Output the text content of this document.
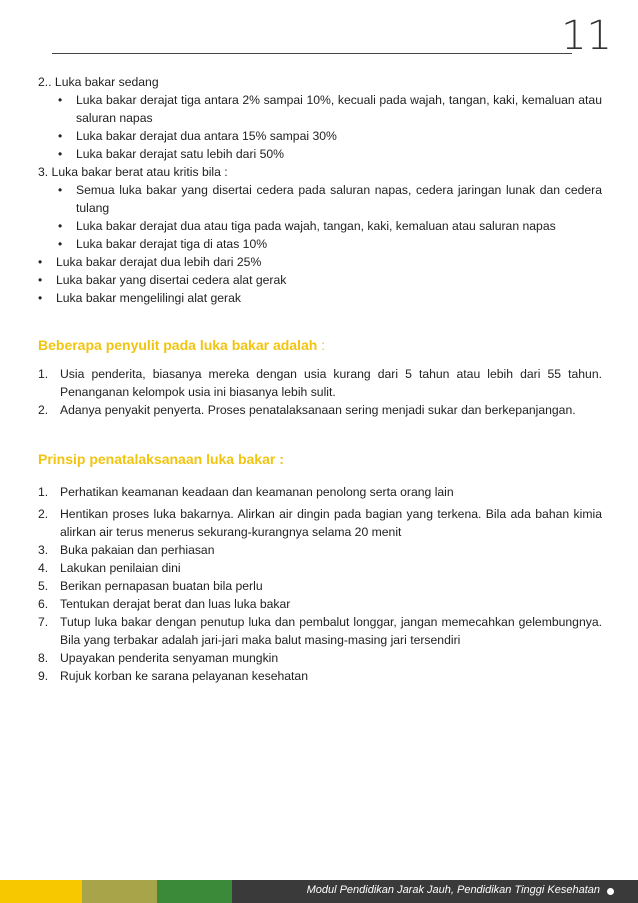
11
2.. Luka bakar sedang
•
Luka bakar derajat tiga antara 2% sampai 10%, kecuali pada wajah, tangan, kaki, kemaluan atau saluran napas
•
Luka bakar derajat dua antara 15% sampai 30%
•
Luka bakar derajat satu lebih dari 50%
3. Luka bakar berat atau kritis bila :
•
Semua luka bakar yang disertai cedera pada saluran napas, cedera jaringan lunak dan cedera tulang
•
Luka bakar derajat dua atau tiga pada wajah, tangan, kaki, kemaluan atau saluran napas
•
Luka bakar derajat tiga di atas 10%
•
Luka bakar derajat dua lebih dari 25%
•
Luka bakar yang disertai cedera alat gerak
•
Luka bakar mengelilingi alat gerak
Beberapa penyulit pada luka bakar adalah :
1. Usia penderita, biasanya mereka dengan usia kurang dari 5 tahun atau lebih dari 55 tahun. Penanganan kelompok usia ini biasanya lebih sulit.
2. Adanya penyakit penyerta. Proses penatalaksanaan sering menjadi sukar dan berkepanjangan.
Prinsip penatalaksanaan luka bakar :
1. Perhatikan keamanan keadaan dan keamanan penolong serta orang lain
2. Hentikan proses luka bakarnya. Alirkan air dingin pada bagian yang terkena. Bila ada bahan kimia alirkan air terus menerus sekurang-kurangnya selama 20 menit
3. Buka pakaian dan perhiasan
4. Lakukan penilaian dini
5. Berikan pernapasan buatan bila perlu
6. Tentukan derajat berat dan luas luka bakar
7. Tutup luka bakar dengan penutup luka dan pembalut longgar, jangan memecahkan gelembungnya. Bila yang terbakar adalah jari-jari maka balut masing-masing jari tersendiri
8. Upayakan penderita senyaman mungkin
9. Rujuk korban ke sarana pelayanan kesehatan
Modul Pendidikan Jarak Jauh, Pendidikan Tinggi Kesehatan
